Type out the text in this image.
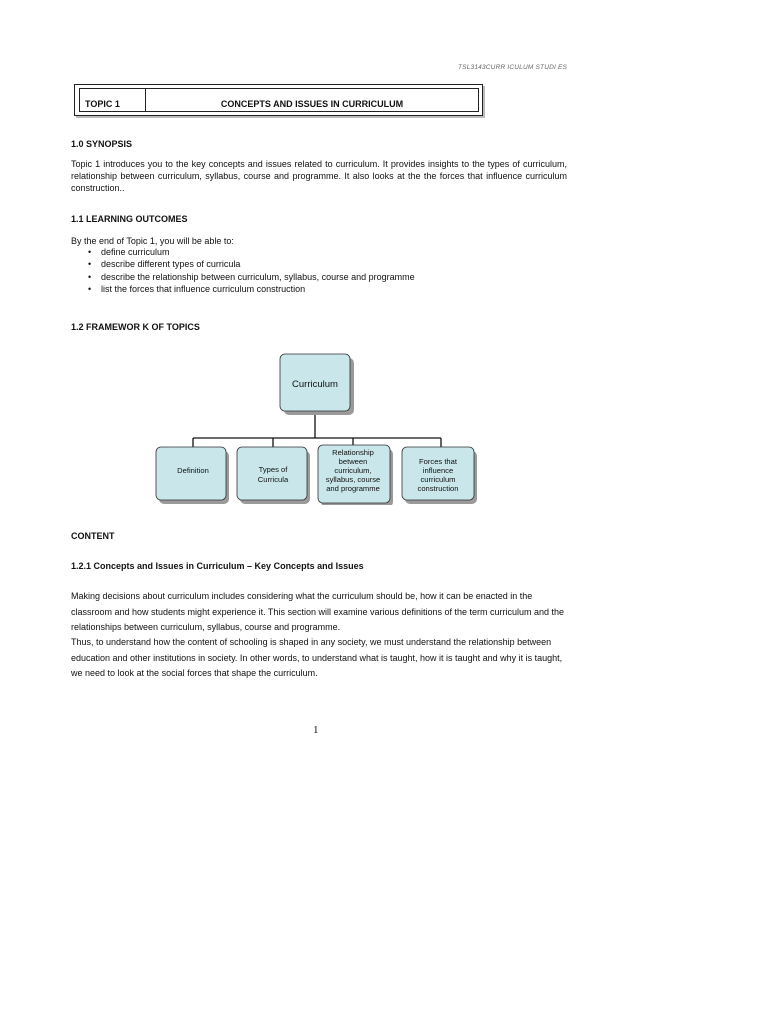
TSL3143CURR ICULUM STUDI ES
TOPIC 1	CONCEPTS AND ISSUES IN CURRICULUM
1.0 SYNOPSIS

Topic 1 introduces you to the key concepts and issues related to curriculum. It provides insights to the types of curriculum, relationship between curriculum, syllabus, course and programme. It also looks at the the forces that influence curriculum construction..

1.1 LEARNING OUTCOMES
By the end of Topic 1, you will be able to:
• define curriculum
• describe different types of curricula
• describe the relationship between curriculum, syllabus, course and programme
• list the forces that influence curriculum construction
1.2 FRAMEWOR K OF TOPICS
Curriculum
Definition	Types of
Curricula
Relationship
between
curriculum,
syllabus, course
and programme
Forces that
influence
curriculum
construction
CONTENT
1.2.1 Concepts and Issues in Curriculum – Key Concepts and Issues

Making decisions about curriculum includes considering what the curriculum should be, how it can be enacted in the classroom and how students might experience it. This section will examine various definitions of the term curriculum and the relationships between curriculum, syllabus, course and programme.

Thus, to understand how the content of schooling is shaped in any society, we must understand the relationship between education and other institutions in society. In other words, to understand what is taught, how it is taught and why it is taught, we need to look at the social forces that shape the curriculum.

1
